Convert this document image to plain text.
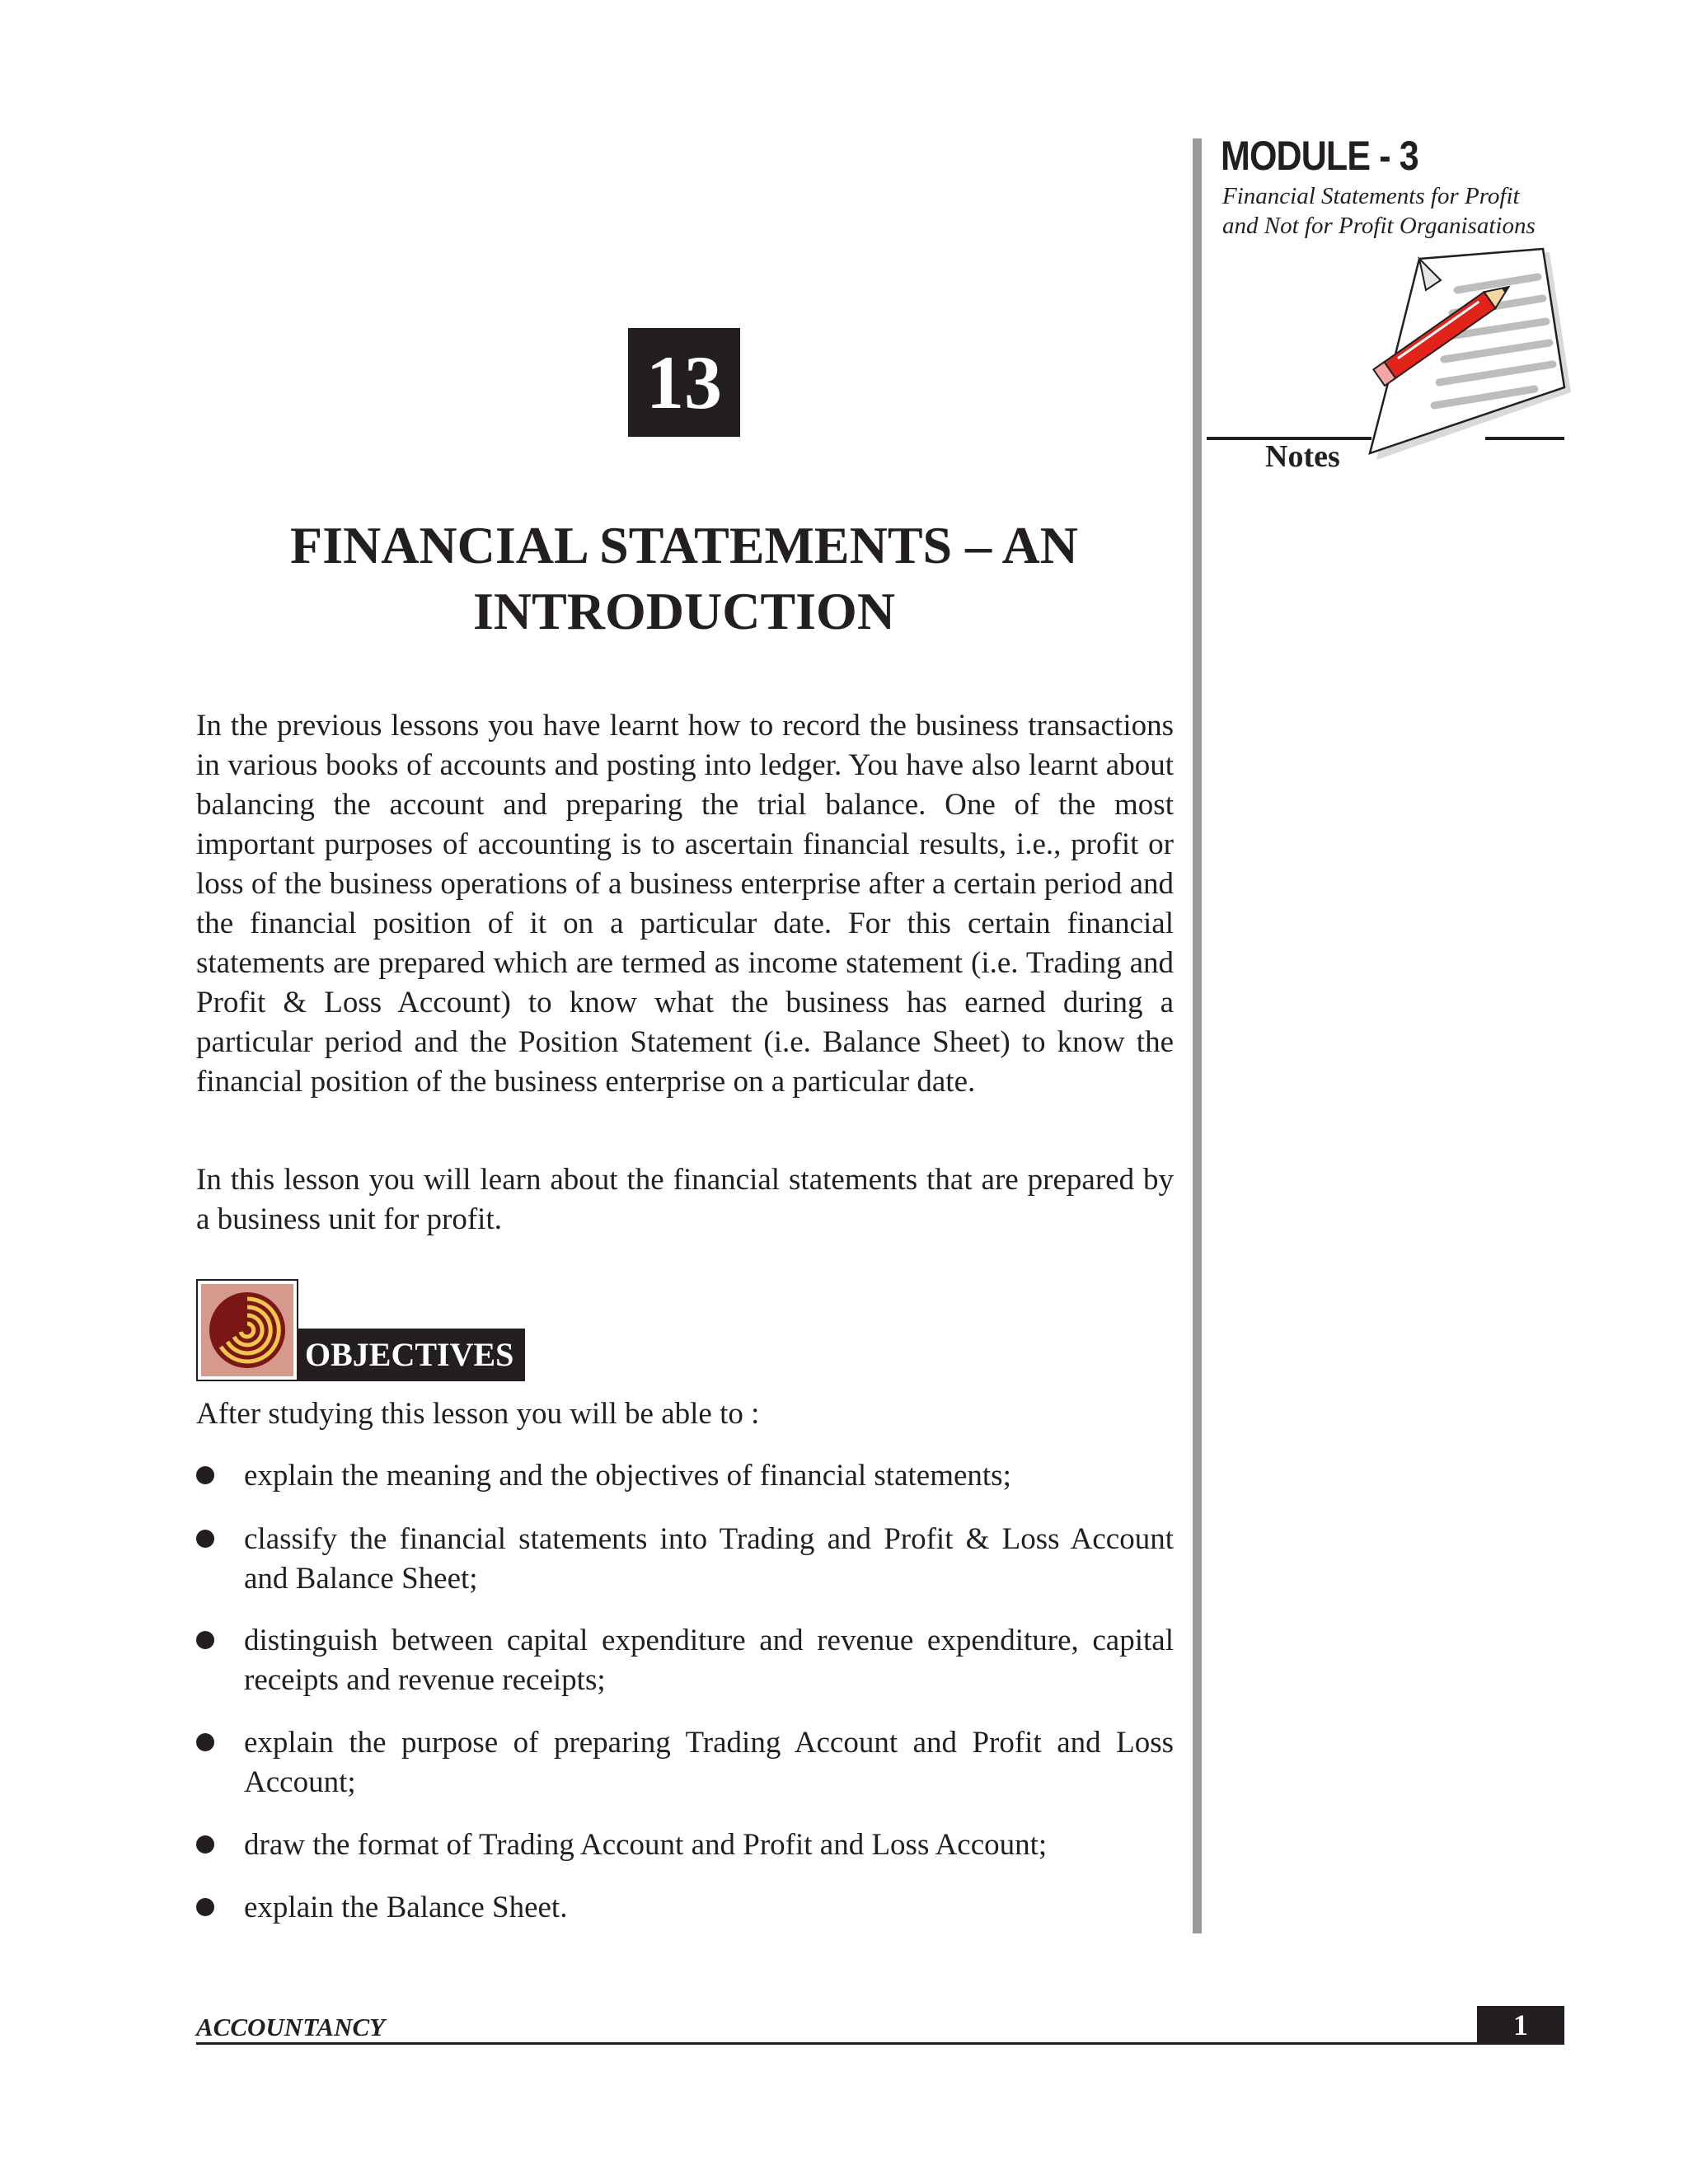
MODULE - 3
Financial Statements for Profit
and Not for Profit Organisations
Notes
13
FINANCIAL STATEMENTS – AN
INTRODUCTION

In the previous lessons you have learnt how to record the business transactions in various books of accounts and posting into ledger. You have also learnt about balancing the account and preparing the trial balance. One of the most important purposes of accounting is to ascertain financial results, i.e., profit or loss of the business operations of a business enterprise after a certain period and the financial position of it on a particular date. For this certain financial statements are prepared which are termed as income statement (i.e. Trading and Profit & Loss Account) to know what the business has earned during a particular period and the Position Statement (i.e. Balance Sheet) to know the financial position of the business enterprise on a particular date.

In this lesson you will learn about the financial statements that are prepared by a business unit for profit.

OBJECTIVES
After studying this lesson you will be able to :
explain the meaning and the objectives of financial statements;
classify the financial statements into Trading and Profit & Loss Account and Balance Sheet;
distinguish between capital expenditure and revenue expenditure, capital receipts and revenue receipts;
explain the purpose of preparing Trading Account and Profit and Loss Account;
draw the format of Trading Account and Profit and Loss Account;
explain the Balance Sheet.
ACCOUNTANCY	1
